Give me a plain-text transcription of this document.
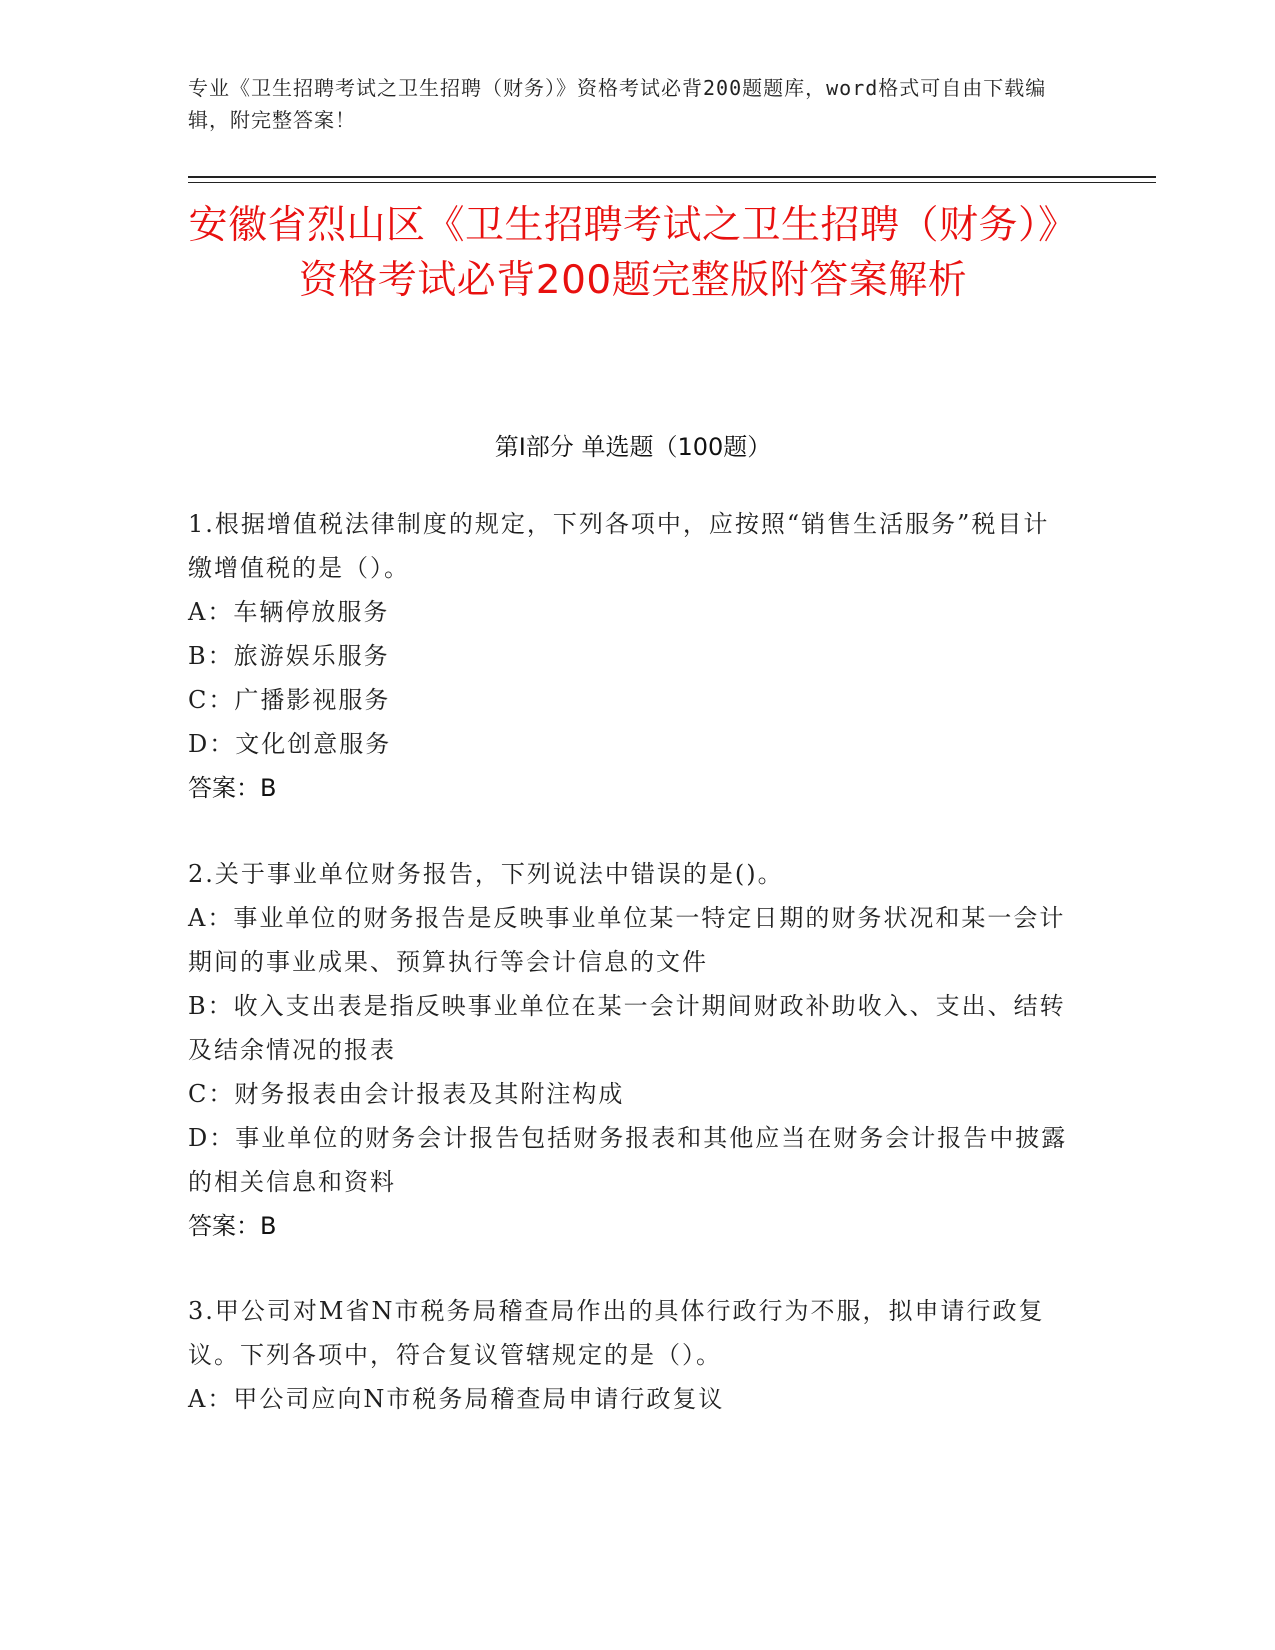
专业《卫生招聘考试之卫生招聘（财务）》资格考试必背200题题库，word格式可自由下载编辑，附完整答案！
安徽省烈山区《卫生招聘考试之卫生招聘（财务）》资格考试必背200题完整版附答案解析
第I部分 单选题（100题）

1.根据增值税法律制度的规定，下列各项中，应按照“销售生活服务”税目计缴增值税的是（）。

A：车辆停放服务

B：旅游娱乐服务

C：广播影视服务

D：文化创意服务

答案：B

2.关于事业单位财务报告，下列说法中错误的是()。

A：事业单位的财务报告是反映事业单位某一特定日期的财务状况和某一会计期间的事业成果、预算执行等会计信息的文件

B：收入支出表是指反映事业单位在某一会计期间财政补助收入、支出、结转及结余情况的报表

C：财务报表由会计报表及其附注构成

D：事业单位的财务会计报告包括财务报表和其他应当在财务会计报告中披露的相关信息和资料

答案：B

3.甲公司对M省N市税务局稽查局作出的具体行政行为不服，拟申请行政复议。下列各项中，符合复议管辖规定的是（）。

A：甲公司应向N市税务局稽查局申请行政复议
